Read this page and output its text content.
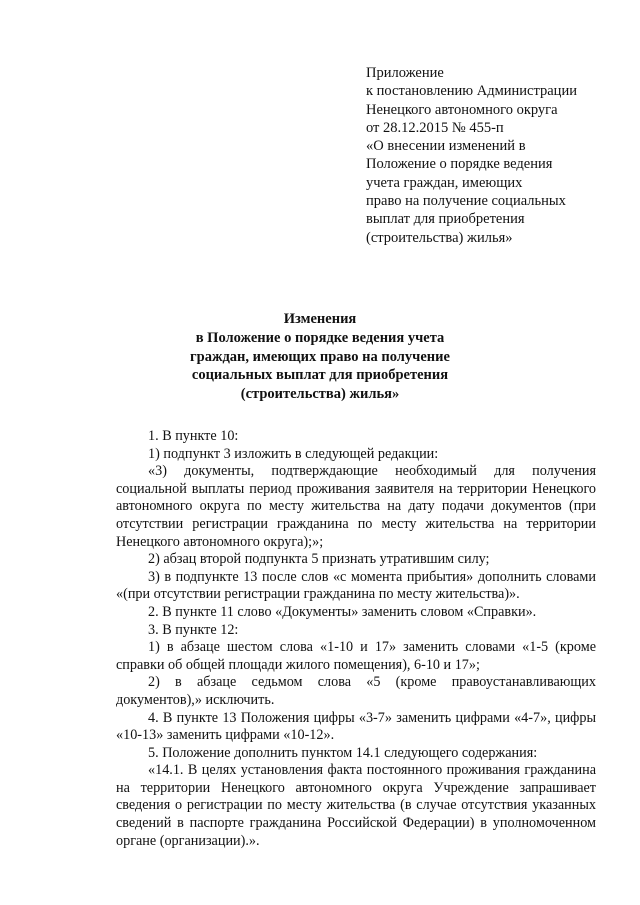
Приложение
к постановлению Администрации
Ненецкого автономного округа
от 28.12.2015 № 455-п
«О внесении изменений в
Положение о порядке ведения
учета граждан, имеющих
право на получение социальных
выплат для приобретения
(строительства) жилья»
Изменения
в Положение о порядке ведения учета
граждан, имеющих право на получение
социальных выплат для приобретения
(строительства) жилья»

1. В пункте 10:

1) подпункт 3 изложить в следующей редакции:

«3) документы, подтверждающие необходимый для получения социальной выплаты период проживания заявителя на территории Ненецкого автономного округа по месту жительства на дату подачи документов (при отсутствии регистрации гражданина по месту жительства на территории Ненецкого автономного округа);»;

2) абзац второй подпункта 5 признать утратившим силу;

3) в подпункте 13 после слов «с момента прибытия» дополнить словами «(при отсутствии регистрации гражданина по месту жительства)».

2. В пункте 11 слово «Документы» заменить словом «Справки».

3. В пункте 12:

1) в абзаце шестом слова «1-10 и 17» заменить словами «1-5 (кроме справки об общей площади жилого помещения), 6-10 и 17»;

2) в абзаце седьмом слова «5 (кроме правоустанавливающих документов),» исключить.

4. В пункте 13 Положения цифры «3-7» заменить цифрами «4-7», цифры «10-13» заменить цифрами «10-12».

5. Положение дополнить пунктом 14.1 следующего содержания:

«14.1. В целях установления факта постоянного проживания гражданина на территории Ненецкого автономного округа Учреждение запрашивает сведения о регистрации по месту жительства (в случае отсутствия указанных сведений в паспорте гражданина Российской Федерации) в уполномоченном органе (организации).».
